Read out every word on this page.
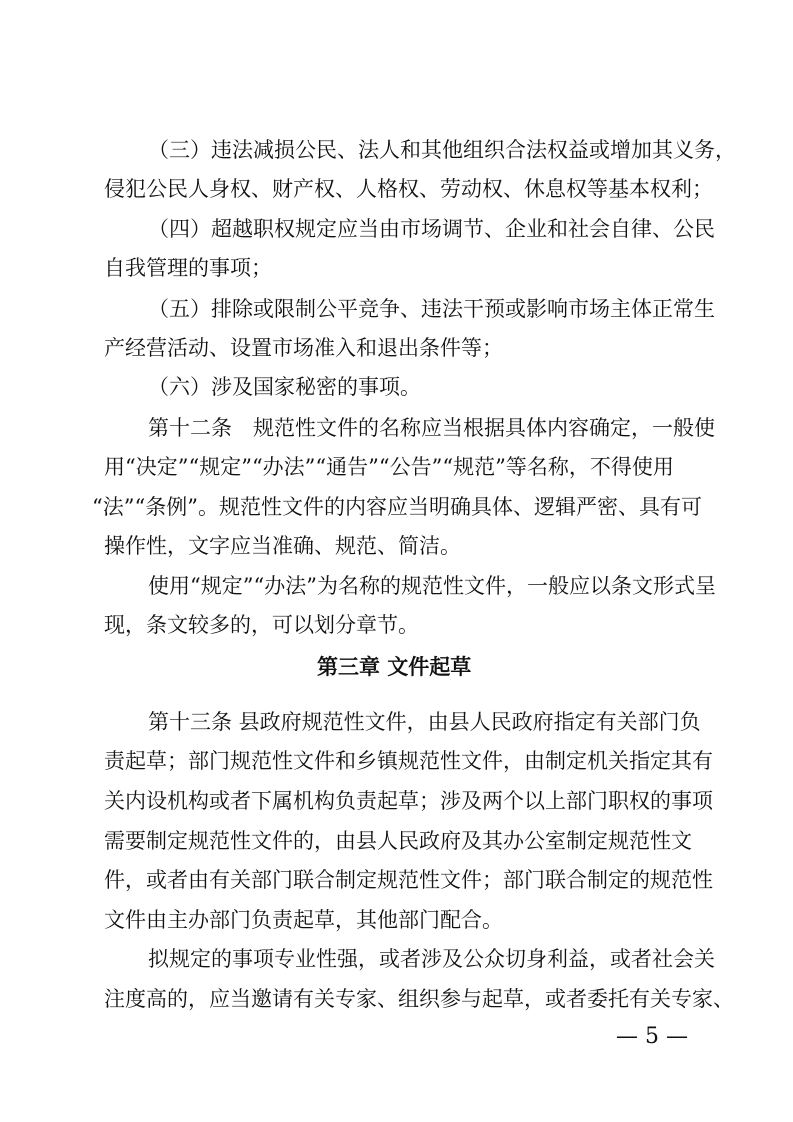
（三）违法减损公民、法人和其他组织合法权益或增加其义务，
侵犯公民人身权、财产权、人格权、劳动权、休息权等基本权利；
（四）超越职权规定应当由市场调节、企业和社会自律、公民
自我管理的事项；
（五）排除或限制公平竞争、违法干预或影响市场主体正常生
产经营活动、设置市场准入和退出条件等；
（六）涉及国家秘密的事项。
第十二条　规范性文件的名称应当根据具体内容确定，一般使
用“决定”“规定”“办法”“通告”“公告”“规范”等名称，不得使用
“法”“条例”。规范性文件的内容应当明确具体、逻辑严密、具有可
操作性，文字应当准确、规范、简洁。
使用“规定”“办法”为名称的规范性文件，一般应以条文形式呈
现，条文较多的，可以划分章节。
第三章 文件起草
第十三条 县政府规范性文件，由县人民政府指定有关部门负
责起草；部门规范性文件和乡镇规范性文件，由制定机关指定其有
关内设机构或者下属机构负责起草；涉及两个以上部门职权的事项
需要制定规范性文件的，由县人民政府及其办公室制定规范性文
件，或者由有关部门联合制定规范性文件；部门联合制定的规范性
文件由主办部门负责起草，其他部门配合。
拟规定的事项专业性强，或者涉及公众切身利益，或者社会关
注度高的，应当邀请有关专家、组织参与起草，或者委托有关专家、
— 5 —
